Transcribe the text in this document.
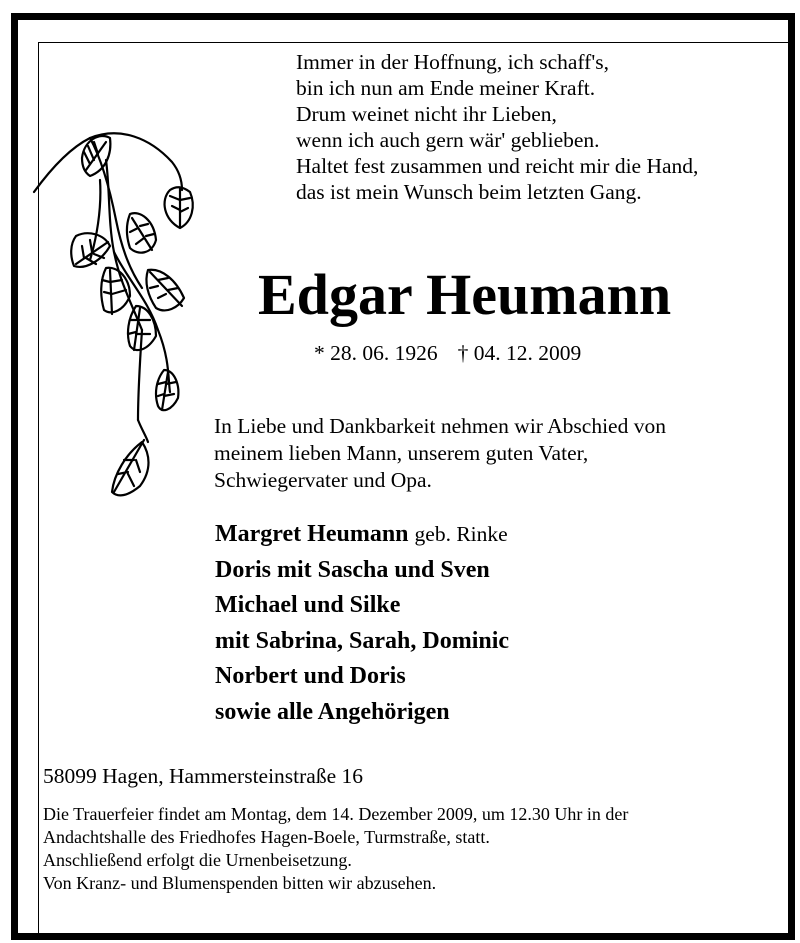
Immer in der Hoffnung, ich schaff's,
bin ich nun am Ende meiner Kraft.
Drum weinet nicht ihr Lieben,
wenn ich auch gern wär' geblieben.
Haltet fest zusammen und reicht mir die Hand,
das ist mein Wunsch beim letzten Gang.
Edgar Heumann
* 28. 06. 1926 † 04. 12. 2009
In Liebe und Dankbarkeit nehmen wir Abschied von
meinem lieben Mann, unserem guten Vater,
Schwiegervater und Opa.
Margret Heumann geb. Rinke
Doris mit Sascha und Sven
Michael und Silke
mit Sabrina, Sarah, Dominic
Norbert und Doris
sowie alle Angehörigen
58099 Hagen, Hammersteinstraße 16
Die Trauerfeier findet am Montag, dem 14. Dezember 2009, um 12.30 Uhr in der
Andachtshalle des Friedhofes Hagen-Boele, Turmstraße, statt.
Anschließend erfolgt die Urnenbeisetzung.
Von Kranz- und Blumenspenden bitten wir abzusehen.
